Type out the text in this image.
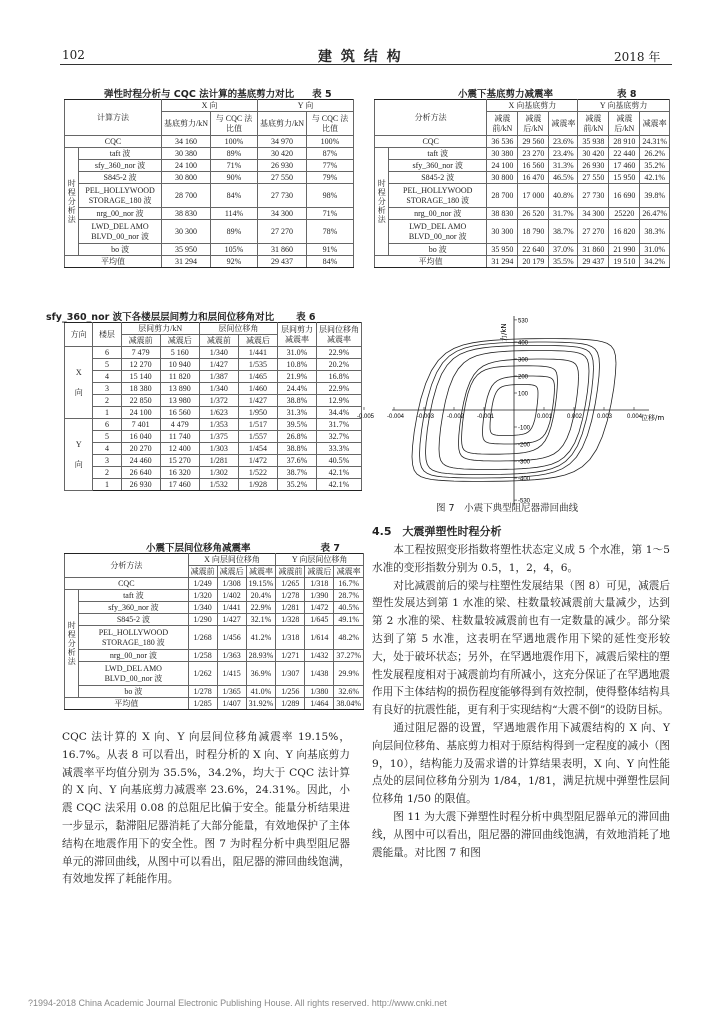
102	建 筑 结 构	2018 年
弹性时程分析与 CQC 法计算的基底剪力对比 表 5
计算方法		X 向		Y 向	
		基底剪力/kN	与 CQC 法比值	基底剪力/kN	与 CQC 法比值
CQC		34 160	100%	34 970	100%
时程分析法	taft 波	30 380	89%	30 420	87%
	sfy_360_nor 波	24 100	71%	26 930	77%
	S845-2 波	30 800	90%	27 550	79%
	PEL_HOLLYWOOD STORAGE_180 波	28 700	84%	27 730	98%
	nrg_00_nor 波	38 830	114%	34 300	71%
	LWD_DEL AMO BLVD_00_nor 波	30 300	89%	27 270	78%
	bo 波	35 950	105%	31 860	91%
平均值		31 294	92%	29 437	84%
sfy_360_nor 波下各楼层层间剪力和层间位移角对比 表 6
方向	楼层	层间剪力/kN		层间位移角		层间剪力减震率	层间位移角减震率
		减震前	减震后	减震前	减震后		
X 向	6	7 479	5 160	1/340	1/441	31.0%	22.9%
	5	12 270	10 940	1/427	1/535	10.8%	20.2%
	4	15 140	11 820	1/387	1/465	21.9%	16.8%
	3	18 380	13 890	1/340	1/460	24.4%	22.9%
	2	22 850	13 980	1/372	1/427	38.8%	12.9%
	1	24 100	16 560	1/623	1/950	31.3%	34.4%
Y 向	6	7 401	4 479	1/353	1/517	39.5%	31.7%
	5	16 040	11 740	1/375	1/557	26.8%	32.7%
	4	20 270	12 400	1/303	1/454	38.8%	33.3%
	3	24 460	15 270	1/281	1/472	37.6%	40.5%
	2	26 640	16 320	1/302	1/522	38.7%	42.1%
	1	26 930	17 460	1/532	1/928	35.2%	42.1%
小震下层间位移角减震率	表 7
分析方法		X 向层间位移角			Y 向层间位移角		
		减震前	减震后	减震率	减震前	减震后	减震率
CQC		1/249	1/308	19.15%	1/265	1/318	16.7%
时程分析法	taft 波	1/320	1/402	20.4%	1/278	1/390	28.7%
	sfy_360_nor 波	1/340	1/441	22.9%	1/281	1/472	40.5%
	S845-2 波	1/290	1/427	32.1%	1/328	1/645	49.1%
	PEL_HOLLYWOOD STORAGE_180 波	1/268	1/456	41.2%	1/318	1/614	48.2%
	nrg_00_nor 波	1/258	1/363	28.93%	1/271	1/432	37.27%
	LWD_DEL AMO BLVD_00_nor 波	1/262	1/415	36.9%	1/307	1/438	29.9%
	bo 波	1/278	1/365	41.0%	1/256	1/380	32.6%
平均值		1/285	1/407	31.92%	1/289	1/464	38.04%

CQC 法计算的 X 向、Y 向层间位移角减震率 19.15%，16.7%。从表 8 可以看出，时程分析的 X 向、Y 向基底剪力减震率平均值分别为 35.5%，34.2%，均大于 CQC 法计算的 X 向、Y 向基底剪力减震率 23.6%，24.31%。因此，小震 CQC 法采用 0.08 的总阻尼比偏于安全。能量分析结果进一步显示，黏滞阻尼器消耗了大部分能量，有效地保护了主体结构在地震作用下的安全性。图 7 为时程分析中典型阻尼器单元的滞回曲线，从图中可以看出，阻尼器的滞回曲线饱满，有效地发挥了耗能作用。

小震下基底剪力减震率	表 8
分析方法		X 向基底剪力			Y 向基底剪力		
		减震前/kN	减震后/kN	减震率	减震前/kN	减震后/kN	减震率
CQC		36 536	29 560	23.6%	35 938	28 910	24.31%
时程分析法	taft 波	30 380	23 270	23.4%	30 420	22 440	26.2%
	sfy_360_nor 波	24 100	16 560	31.3%	26 930	17 460	35.2%
	S845-2 波	30 800	16 470	46.5%	27 550	15 950	42.1%
	PEL_HOLLYWOOD STORAGE_180 波	28 700	17 000	40.8%	27 730	16 690	39.8%
	nrg_00_nor 波	38 830	26 520	31.7%	34 300	25220	26.47%
	LWD_DEL AMO BLVD_00_nor 波	30 300	18 790	38.7%	27 270	16 820	38.3%
	bo 波	35 950	22 640	37.0%	31 860	21 990	31.0%
平均值		31 294	20 179	35.5%	29 437	19 510	34.2%
530
400
300
200
100
-100
-200
-300
-400
-530
-0.005 -0.004 -0.003 -0.002 -0.001	0.001 0.002 0.003 0.004
力/kN
位移/m
图 7　小震下典型阻尼器滞回曲线
4.5　大震弹塑性时程分析

本工程按照变形指数将塑性状态定义成 5 个水准，第 1～5 水准的变形指数分别为 0.5，1，2，4，6。

对比减震前后的梁与柱塑性发展结果（图 8）可见，减震后塑性发展达到第 1 水准的梁、柱数量较减震前大量减少，达到第 2 水准的梁、柱数量较减震前也有一定数量的减少。部分梁达到了第 5 水准，这表明在罕遇地震作用下梁的延性变形较大，处于破坏状态；另外，在罕遇地震作用下，减震后梁柱的塑性发展程度相对于减震前均有所减小，这充分保证了在罕遇地震作用下主体结构的损伤程度能够得到有效控制，使得整体结构具有良好的抗震性能，更有利于实现结构“大震不倒”的设防目标。

通过阻尼器的设置，罕遇地震作用下减震结构的 X 向、Y 向层间位移角、基底剪力相对于原结构得到一定程度的减小（图 9，10），结构能力及需求谱的计算结果表明，X 向、Y 向性能点处的层间位移角分别为 1/84，1/81，满足抗规中弹塑性层间位移角 1/50 的限值。

图 11 为大震下弹塑性时程分析中典型阻尼器单元的滞回曲线，从图中可以看出，阻尼器的滞回曲线饱满，有效地消耗了地震能量。对比图 7 和图

?1994-2018 China Academic Journal Electronic Publishing House. All rights reserved. http://www.cnki.net
